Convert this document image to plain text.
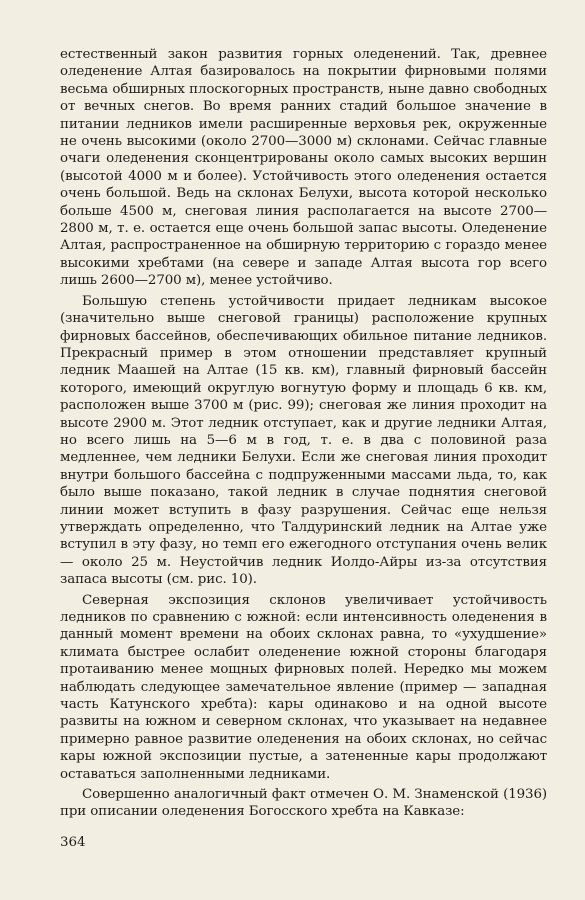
естественный закон развития горных оледенений. Так, древнее оледенение Алтая базировалось на покрытии фирновыми полями весьма обширных плоскогорных пространств, ныне давно свободных от вечных снегов. Во время ранних стадий большое значение в питании ледников имели расширенные верховья рек, окруженные не очень высокими (около 2700—3000 м) склонами. Сейчас главные очаги оледенения сконцентрированы около самых высоких вершин (высотой 4000 м и более). Устойчивость этого оледенения остается очень большой. Ведь на склонах Белухи, высота которой несколько больше 4500 м, снеговая линия располагается на высоте 2700—2800 м, т. е. остается еще очень большой запас высоты. Оледенение Алтая, распространенное на обширную территорию с гораздо менее высокими хребтами (на севере и западе Алтая высота гор всего лишь 2600—2700 м), менее устойчиво.

Большую степень устойчивости придает ледникам высокое (значительно выше снеговой границы) расположение крупных фирновых бассейнов, обеспечивающих обильное питание ледников. Прекрасный пример в этом отношении представляет крупный ледник Маашей на Алтае (15 кв. км), главный фирновый бассейн которого, имеющий округлую вогнутую форму и площадь 6 кв. км, расположен выше 3700 м (рис. 99); снеговая же линия проходит на высоте 2900 м. Этот ледник отступает, как и другие ледники Алтая, но всего лишь на 5—6 м в год, т. е. в два с половиной раза медленнее, чем ледники Белухи. Если же снеговая линия проходит внутри большого бассейна с подпруженными массами льда, то, как было выше показано, такой ледник в случае поднятия снеговой линии может вступить в фазу разрушения. Сейчас еще нельзя утверждать определенно, что Талдуринский ледник на Алтае уже вступил в эту фазу, но темп его ежегодного отступания очень велик — около 25 м. Неустойчив ледник Иолдо-Айры из-за отсутствия запаса высоты (см. рис. 10).

Северная экспозиция склонов увеличивает устойчивость ледников по сравнению с южной: если интенсивность оледенения в данный момент времени на обоих склонах равна, то «ухудшение» климата быстрее ослабит оледенение южной стороны благодаря протаиванию менее мощных фирновых полей. Нередко мы можем наблюдать следующее замечательное явление (пример — западная часть Катунского хребта): кары одинаково и на одной высоте развиты на южном и северном склонах, что указывает на недавнее примерно равное развитие оледенения на обоих склонах, но сейчас кары южной экспозиции пустые, а затененные кары продолжают оставаться заполненными ледниками.

Совершенно аналогичный факт отмечен О. М. Знаменской (1936) при описании оледенения Богосского хребта на Кавказе:

364
